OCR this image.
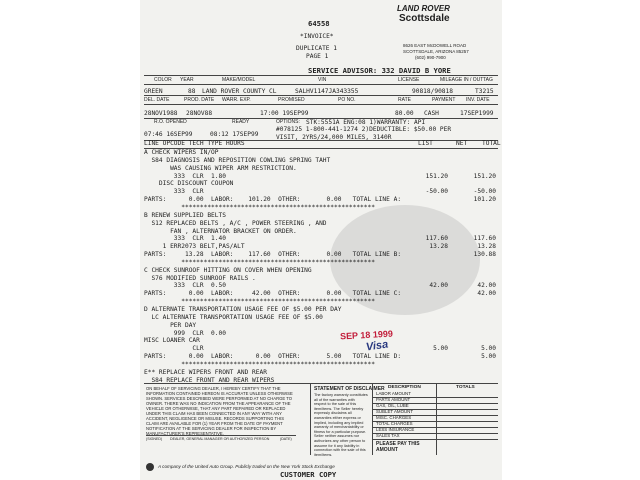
64558
*INVOICE*
DUPLICATE 1
PAGE 1
LAND ROVER
Scottsdale
8626 EAST McDOWELL ROAD
SCOTTSDALE, ARIZONA 85257
(602) 990-7900
SERVICE ADVISOR: 332 DAVID B YORE
COLOR YEAR	MAKE/MODEL	VIN	LICENSE	MILEAGE IN / OUT TAG
GREEN	88 LAND ROVER COUNTY CL	SALHV1147JA343355	90818/90818	T3215
DEL. DATE	PROD. DATE WARR. EXP.	PROMISED	PO NO.	RATE	PAYMENT INV. DATE
28NOV1988 28NOV88	17:00 19SEP99	80.00 CASH	17SEP1999
R.O. OPENED	READY	OPTIONS: STK:5551A ENG:08 1)WARRANTY: API
#078125 1-800-441-1274 2)DEDUCTIBLE: $50.00 PER
VISIT, 2YRS/24,000 MILES, 3140R
07:46 16SEP99	08:12 17SEP99
LINE OPCODE TECH TYPE HOURS	LIST	NET TOTAL
A CHECK WIPERS IN/OP
S84 DIAGNOSIS AND REPOSITION COWLING SPRING TAHT
WAS CAUSING WIPER ARM RESTRICTION.
333  CLR  1.80	151.20	151.20
DISC DISCOUNT COUPON
333  CLR	-50.00	-50.00
PARTS:      0.00  LABOR:    101.20  OTHER:       0.00   TOTAL LINE A:	101.20
****************************************************
B RENEW SUPPLIED BELTS
S12 REPLACED BELTS , A/C , POWER STEERING , AND
FAN , ALTERNATOR BRACKET ON ORDER.
333  CLR  1.40	117.60	117.60
1 ERR2073 BELT,PAS/ALT	13.28	13.28
PARTS:     13.28  LABOR:    117.60  OTHER:       0.00   TOTAL LINE B:	130.88
****************************************************
C CHECK SUNROOF HITTING ON COVER WHEN OPENING
S76 MODIFIED SUNROOF RAILS .
333  CLR  0.50	42.00	42.00
PARTS:      0.00  LABOR:     42.00  OTHER:       0.00   TOTAL LINE C:	42.00
****************************************************
D ALTERNATE TRANSPORTATION USAGE FEE OF $5.00 PER DAY
LC ALTERNATE TRANSPORTATION USAGE FEE OF $5.00
PER DAY
999  CLR  0.00
MISC LOANER CAR
CLR	5.00	5.00
PARTS:      0.00  LABOR:      0.00  OTHER:       5.00   TOTAL LINE D:	5.00
****************************************************
E** REPLACE WIPERS FRONT AND REAR
S84 REPLACE FRONT AND REAR WIPERS
SEP 18 1999
Visa
ON BEHALF OF SERVICING DEALER, I HEREBY CERTIFY THAT THE INFORMATION CONTAINED HEREON IS ACCURATE UNLESS OTHERWISE SHOWN. SERVICES DESCRIBED WERE PERFORMED AT NO CHARGE TO OWNER. THERE WAS NO INDICATION FROM THE APPEARANCE OF THE VEHICLE OR OTHERWISE, THAT ANY PART REPAIRED OR REPLACED UNDER THIS CLAIM HAS BEEN CONNECTED IN ANY WAY WITH ANY ACCIDENT, NEGLIGENCE OR MISUSE. RECORDS SUPPORTING THIS CLAIM ARE AVAILABLE FOR (1) YEAR FROM THE DATE OF PAYMENT NOTIFICATION AT THE SERVICING DEALER FOR INSPECTION BY MANUFACTURER'S REPRESENTATIVE.
(SIGNED) DEALER, GENERAL MANAGER OR AUTHORIZED PERSON	(DATE)
STATEMENT OF DISCLAIMER
The factory warranty constitutes all of the warranties with respect to the sale of this item/items. The Seller hereby expressly disclaims all warranties either express or implied, including any implied warranty of merchantability or fitness for a particular purpose. Seller neither assumes nor authorizes any other person to assume for it any liability in connection with the sale of this item/items.
DESCRIPTION	TOTALS
LABOR AMOUNT
PARTS AMOUNT
GAS, OIL, LUBE
SUBLET AMOUNT
MISC. CHARGES
TOTAL CHARGES
LESS INSURANCE
SALES TAX
PLEASE PAY THIS AMOUNT
A company of the United Auto Group. Publicly traded on the New York Stock Exchange
CUSTOMER COPY
